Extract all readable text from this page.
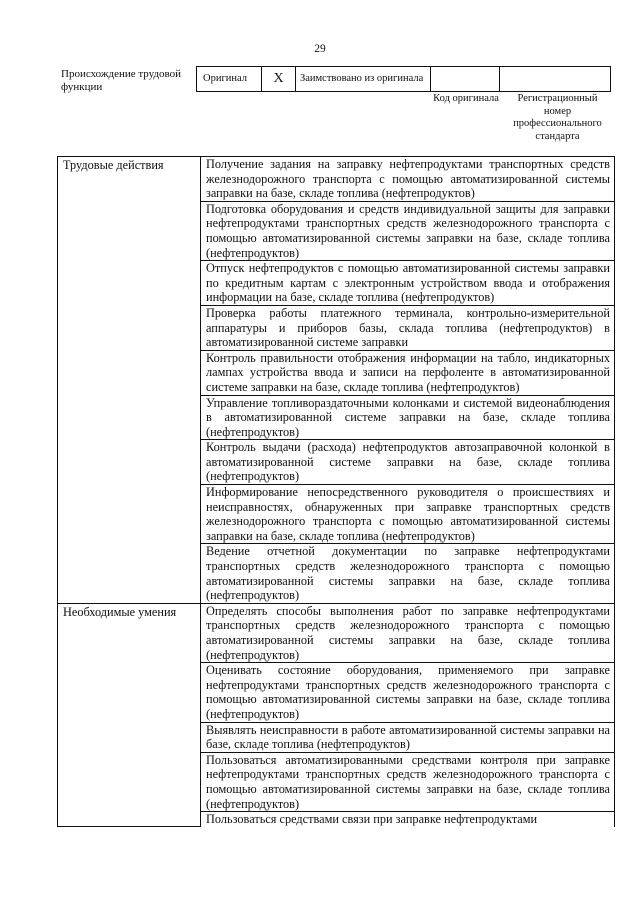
29
Происхождение трудовой функции
Оригинал	X	Заимствовано из оригинала		
Код оригинала	Регистрационный номер профессионального стандарта
Трудовые действия	Получение задания на заправку нефтепродуктами транспортных средств железнодорожного транспорта с помощью автоматизированной системы заправки на базе, складе топлива (нефтепродуктов)
	Подготовка оборудования и средств индивидуальной защиты для заправки нефтепродуктами транспортных средств железнодорожного транспорта с помощью автоматизированной системы заправки на базе, складе топлива (нефтепродуктов)
	Отпуск нефтепродуктов с помощью автоматизированной системы заправки по кредитным картам с электронным устройством ввода и отображения информации на базе, складе топлива (нефтепродуктов)
	Проверка работы платежного терминала, контрольно-измерительной аппаратуры и приборов базы, склада топлива (нефтепродуктов) в автоматизированной системе заправки
	Контроль правильности отображения информации на табло, индикаторных лампах устройства ввода и записи на перфоленте в автоматизированной системе заправки на базе, складе топлива (нефтепродуктов)
	Управление топливораздаточными колонками и системой видеонаблюдения в автоматизированной системе заправки на базе, складе топлива (нефтепродуктов)
	Контроль выдачи (расхода) нефтепродуктов автозаправочной колонкой в автоматизированной системе заправки на базе, складе топлива (нефтепродуктов)
	Информирование непосредственного руководителя о происшествиях и неисправностях, обнаруженных при заправке транспортных средств железнодорожного транспорта с помощью автоматизированной системы заправки на базе, складе топлива (нефтепродуктов)
	Ведение отчетной документации по заправке нефтепродуктами транспортных средств железнодорожного транспорта с помощью автоматизированной системы заправки на базе, складе топлива (нефтепродуктов)
Необходимые умения	Определять способы выполнения работ по заправке нефтепродуктами транспортных средств железнодорожного транспорта с помощью автоматизированной системы заправки на базе, складе топлива (нефтепродуктов)
	Оценивать состояние оборудования, применяемого при заправке нефтепродуктами транспортных средств железнодорожного транспорта с помощью автоматизированной системы заправки на базе, складе топлива (нефтепродуктов)
	Выявлять неисправности в работе автоматизированной системы заправки на базе, складе топлива (нефтепродуктов)
	Пользоваться автоматизированными средствами контроля при заправке нефтепродуктами транспортных средств железнодорожного транспорта с помощью автоматизированной системы заправки на базе, складе топлива (нефтепродуктов)
	Пользоваться средствами связи при заправке нефтепродуктами
